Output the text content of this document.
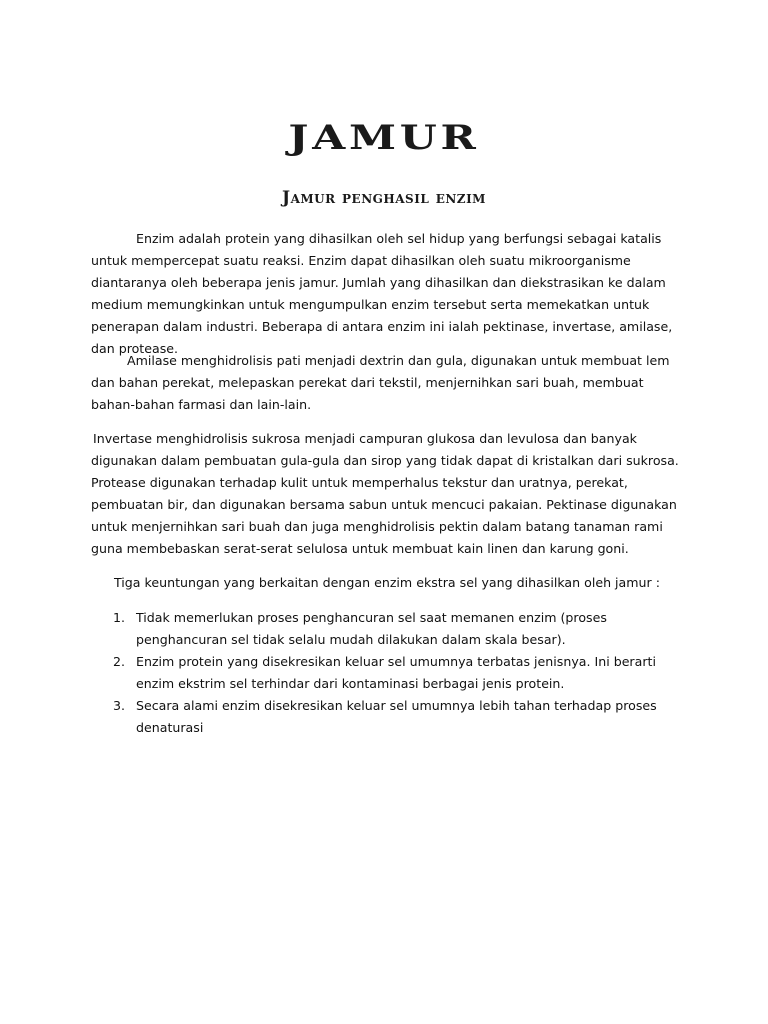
JAMUR
Jamur penghasil enzim

Enzim adalah protein yang dihasilkan oleh sel hidup yang berfungsi sebagai katalis untuk mempercepat suatu reaksi. Enzim dapat dihasilkan oleh suatu mikroorganisme diantaranya oleh beberapa jenis jamur. Jumlah yang dihasilkan dan diekstrasikan ke dalam medium memungkinkan untuk mengumpulkan enzim tersebut serta memekatkan untuk penerapan dalam industri. Beberapa di antara enzim ini ialah pektinase, invertase, amilase, dan protease.

Amilase menghidrolisis pati menjadi dextrin dan gula, digunakan untuk membuat lem dan bahan perekat, melepaskan perekat dari tekstil, menjernihkan sari buah, membuat bahan-bahan farmasi dan lain-lain.

Invertase menghidrolisis sukrosa menjadi campuran glukosa dan levulosa dan banyak digunakan dalam pembuatan gula-gula dan sirop yang tidak dapat di kristalkan dari sukrosa. Protease digunakan terhadap kulit untuk memperhalus tekstur dan uratnya, perekat, pembuatan bir, dan digunakan bersama sabun untuk mencuci pakaian. Pektinase digunakan untuk menjernihkan sari buah dan juga menghidrolisis pektin dalam batang tanaman rami guna membebaskan serat-serat selulosa untuk membuat kain linen dan karung goni.

Tiga keuntungan yang berkaitan dengan enzim ekstra sel yang dihasilkan oleh jamur :

1. Tidak memerlukan proses penghancuran sel saat memanen enzim (proses penghancuran sel tidak selalu mudah dilakukan dalam skala besar).
2. Enzim protein yang disekresikan keluar sel umumnya terbatas jenisnya. Ini berarti enzim ekstrim sel terhindar dari kontaminasi berbagai jenis protein.
3. Secara alami enzim disekresikan keluar sel umumnya lebih tahan terhadap proses denaturasi
